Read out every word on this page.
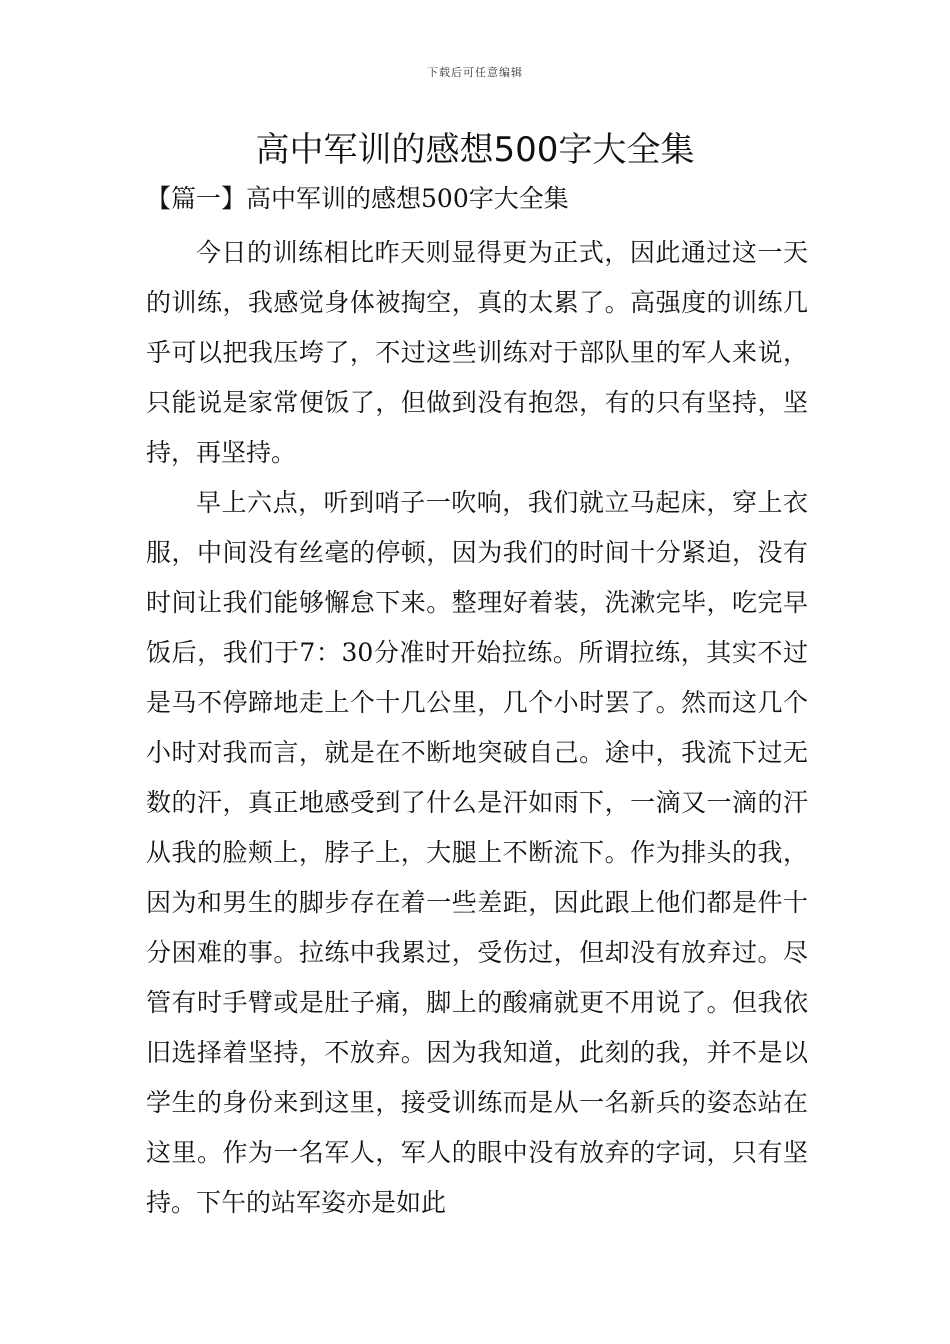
下载后可任意编辑
高中军训的感想500字大全集
【篇一】高中军训的感想500字大全集

今日的训练相比昨天则显得更为正式，因此通过这一天的训练，我感觉身体被掏空，真的太累了。高强度的训练几乎可以把我压垮了，不过这些训练对于部队里的军人来说，只能说是家常便饭了，但做到没有抱怨，有的只有坚持，坚持，再坚持。

早上六点，听到哨子一吹响，我们就立马起床，穿上衣服，中间没有丝毫的停顿，因为我们的时间十分紧迫，没有时间让我们能够懈怠下来。整理好着装，洗漱完毕，吃完早饭后，我们于7：30分准时开始拉练。所谓拉练，其实不过是马不停蹄地走上个十几公里，几个小时罢了。然而这几个小时对我而言，就是在不断地突破自己。途中，我流下过无数的汗，真正地感受到了什么是汗如雨下，一滴又一滴的汗从我的脸颊上，脖子上，大腿上不断流下。作为排头的我，因为和男生的脚步存在着一些差距，因此跟上他们都是件十分困难的事。拉练中我累过，受伤过，但却没有放弃过。尽管有时手臂或是肚子痛，脚上的酸痛就更不用说了。但我依旧选择着坚持，不放弃。因为我知道，此刻的我，并不是以学生的身份来到这里，接受训练而是从一名新兵的姿态站在这里。作为一名军人，军人的眼中没有放弃的字词，只有坚持。下午的站军姿亦是如此
